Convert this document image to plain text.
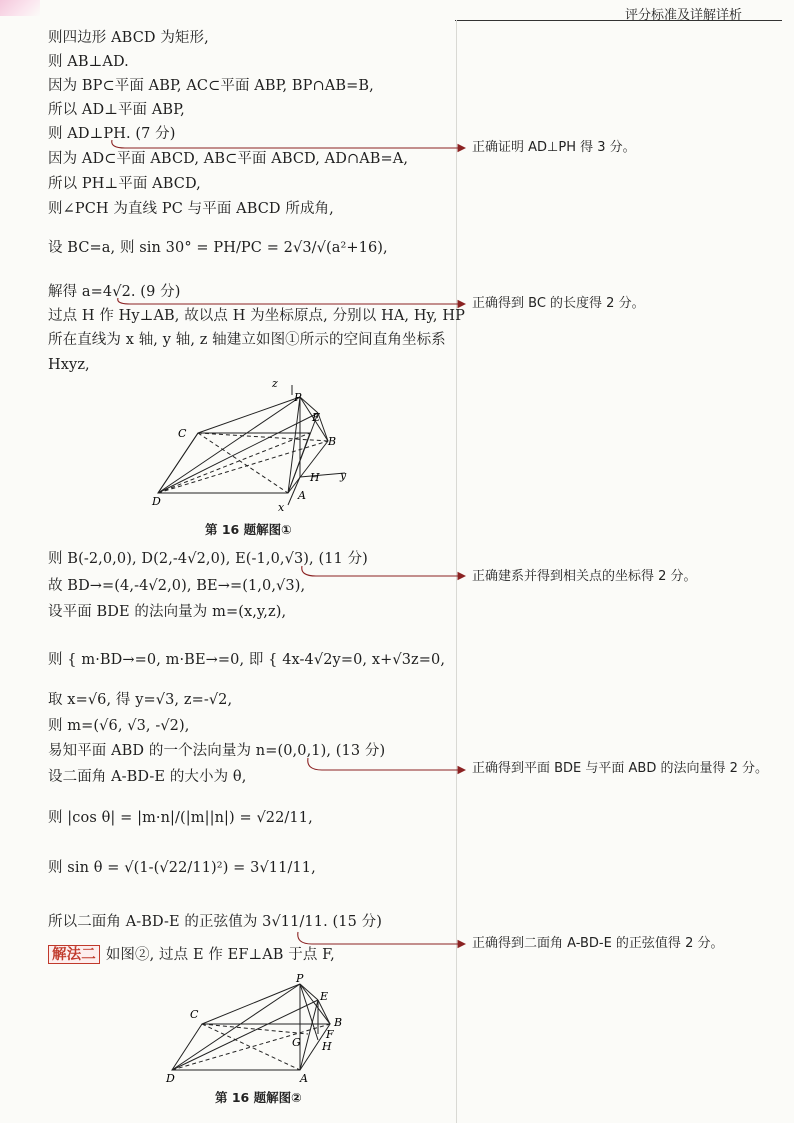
评分标准及详解详析
则四边形 ABCD 为矩形,
则 AB⊥AD.
因为 BP⊂平面 ABP, AC⊂平面 ABP, BP∩AB=B,
所以 AD⊥平面 ABP,
则 AD⊥PH. (7 分)
因为 AD⊂平面 ABCD, AB⊂平面 ABCD, AD∩AB=A,
所以 PH⊥平面 ABCD,
则∠PCH 为直线 PC 与平面 ABCD 所成角,
设 BC=a, 则 sin 30° = PH/PC = 2√3/√(a²+16),
解得 a=4√2. (9 分)
过点 H 作 Hy⊥AB, 故以点 H 为坐标原点, 分别以 HA, Hy, HP
所在直线为 x 轴, y 轴, z 轴建立如图①所示的空间直角坐标系
Hxyz,
z
P
E
C
B
y
H
D	A
x
第 16 题解图①
则 B(-2,0,0), D(2,-4√2,0), E(-1,0,√3), (11 分)
故 BD→=(4,-4√2,0), BE→=(1,0,√3),
设平面 BDE 的法向量为 m=(x,y,z),
则 { m·BD→=0, m·BE→=0, 即 { 4x-4√2y=0, x+√3z=0,
取 x=√6, 得 y=√3, z=-√2,
则 m=(√6, √3, -√2),
易知平面 ABD 的一个法向量为 n=(0,0,1), (13 分)
设二面角 A-BD-E 的大小为 θ,
则 |cos θ| = |m·n|/(|m||n|) = √22/11,
则 sin θ = √(1-(√22/11)²) = 3√11/11,
所以二面角 A-BD-E 的正弦值为 3√11/11. (15 分)
解法二 如图②, 过点 E 作 EF⊥AB 于点 F,
P
E
C
B
G
F
H
D	A
第 16 题解图②
正确证明 AD⊥PH 得 3 分。
正确得到 BC 的长度得 2 分。
正确建系并得到相关点的坐标得 2 分。
正确得到平面 BDE 与平面 ABD 的法向量得 2 分。
正确得到二面角 A-BD-E 的正弦值得 2 分。
